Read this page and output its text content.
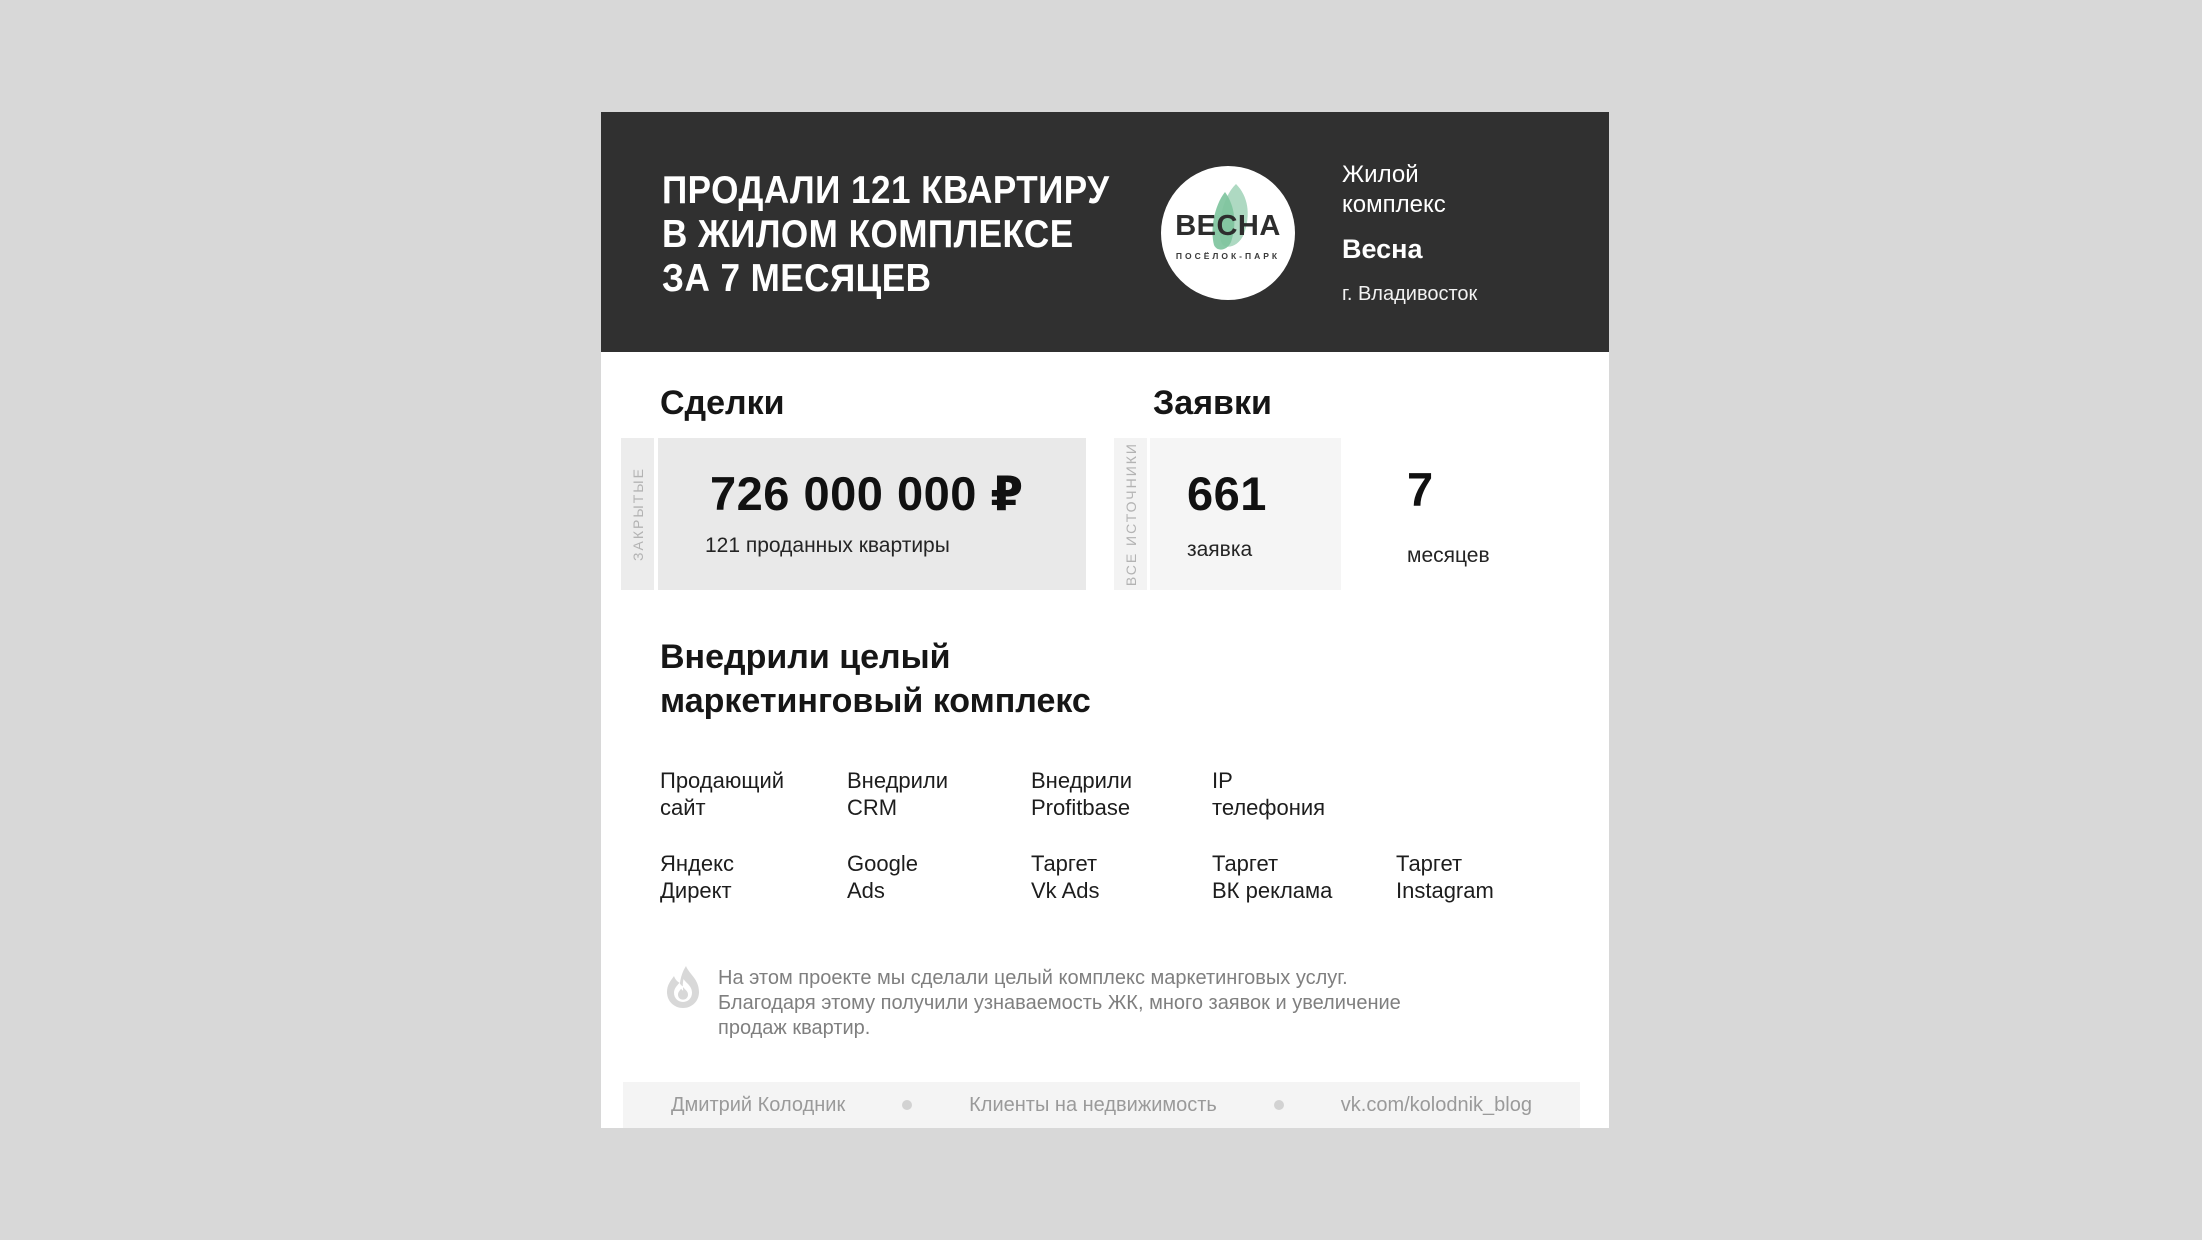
ПРОДАЛИ 121 КВАРТИРУ
В ЖИЛОМ КОМПЛЕКСЕ
ЗА 7 МЕСЯЦЕВ
ВЕСНА
ПОСЁЛОК-ПАРК
Жилой
комплекс
Весна
г. Владивосток
Сделки
ЗАКРЫТЫЕ 726 000 000 ₽
121 проданных квартиры
Заявки
ВСЕ ИСТОЧНИКИ 661
заявка
7
месяцев
Внедрили целый
маркетинговый комплекс
Продающий
сайт
Внедрили
CRM
Внедрили
Profitbase
IP
телефония
Яндекс
Директ
Google
Ads
Таргет
Vk Ads
Таргет
ВК реклама
Таргет
Instagram
На этом проекте мы сделали целый комплекс маркетинговых услуг. Благодаря этому получили узнаваемость ЖК, много заявок и увеличение продаж квартир.
Дмитрий Колодник	Клиенты на недвижимость	vk.com/kolodnik_blog
